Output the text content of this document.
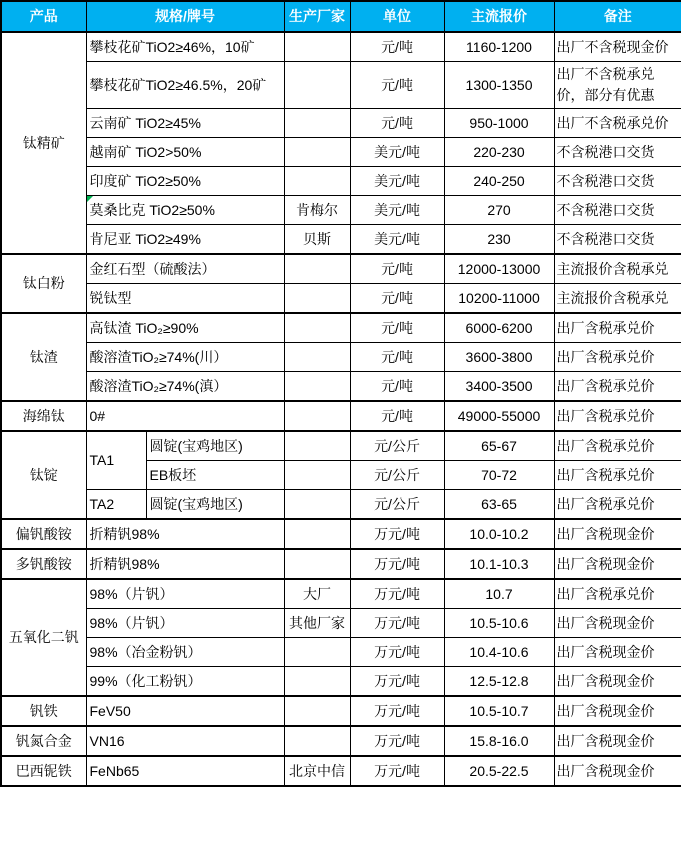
产品	规格/牌号		生产厂家	单位	主流报价	备注
钛精矿	攀枝花矿TiO2≥46%，10矿			元/吨	1160-1200	出厂不含税现金价
	攀枝花矿TiO2≥46.5%，20矿			元/吨	1300-1350	出厂不含税承兑价，部分有优惠
	云南矿 TiO2≥45%			元/吨	950-1000	出厂不含税承兑价
	越南矿 TiO2>50%			美元/吨	220-230	不含税港口交货
	印度矿 TiO2≥50%			美元/吨	240-250	不含税港口交货
	莫桑比克 TiO2≥50%		肯梅尔	美元/吨	270	不含税港口交货
	肯尼亚 TiO2≥49%		贝斯	美元/吨	230	不含税港口交货
钛白粉	金红石型（硫酸法）			元/吨	12000-13000	主流报价含税承兑
	锐钛型			元/吨	10200-11000	主流报价含税承兑
钛渣	高钛渣 TiO₂≥90%			元/吨	6000-6200	出厂含税承兑价
	酸溶渣TiO₂≥74%(川）			元/吨	3600-3800	出厂含税承兑价
	酸溶渣TiO₂≥74%(滇）			元/吨	3400-3500	出厂含税承兑价
海绵钛	0#			元/吨	49000-55000	出厂含税承兑价
钛锭	TA1	圆锭(宝鸡地区)		元/公斤	65-67	出厂含税承兑价
		EB板坯		元/公斤	70-72	出厂含税承兑价
	TA2	圆锭(宝鸡地区)		元/公斤	63-65	出厂含税承兑价
偏钒酸铵	折精钒98%			万元/吨	10.0-10.2	出厂含税现金价
多钒酸铵	折精钒98%			万元/吨	10.1-10.3	出厂含税现金价
五氧化二钒	98%（片钒）		大厂	万元/吨	10.7	出厂含税承兑价
	98%（片钒）		其他厂家	万元/吨	10.5-10.6	出厂含税现金价
	98%（冶金粉钒）			万元/吨	10.4-10.6	出厂含税现金价
	99%（化工粉钒）			万元/吨	12.5-12.8	出厂含税现金价
钒铁	FeV50			万元/吨	10.5-10.7	出厂含税现金价
钒氮合金	VN16			万元/吨	15.8-16.0	出厂含税现金价
巴西铌铁	FeNb65		北京中信	万元/吨	20.5-22.5	出厂含税现金价
